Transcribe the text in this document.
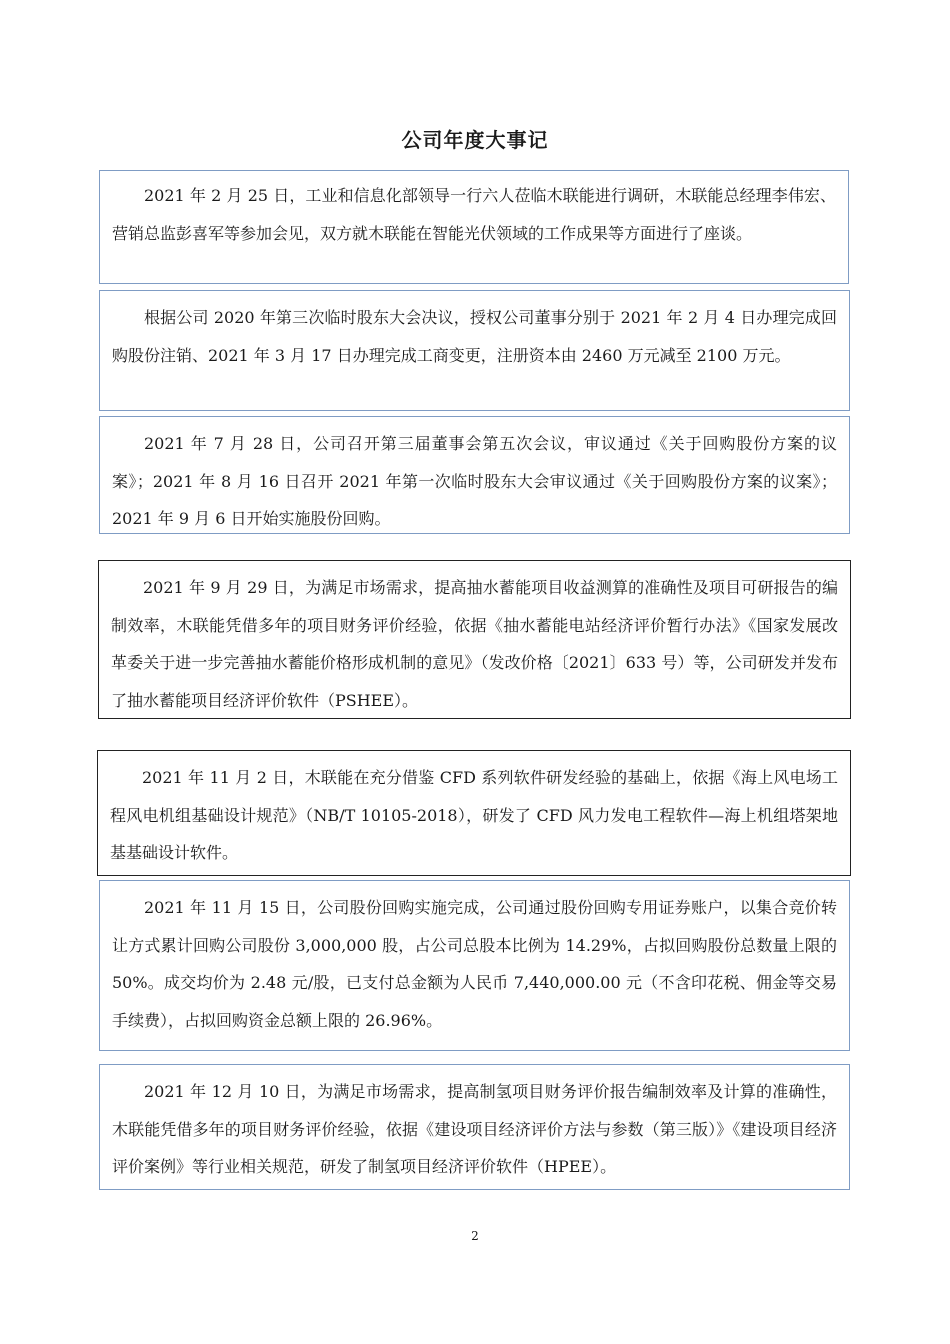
公司年度大事记

2021 年 2 月 25 日，工业和信息化部领导一行六人莅临木联能进行调研，木联能总经理李伟宏、营销总监彭喜军等参加会见，双方就木联能在智能光伏领域的工作成果等方面进行了座谈。

根据公司 2020 年第三次临时股东大会决议，授权公司董事分别于 2021 年 2 月 4 日办理完成回购股份注销、2021 年 3 月 17 日办理完成工商变更，注册资本由 2460 万元减至 2100 万元。

2021 年 7 月 28 日，公司召开第三届董事会第五次会议，审议通过《关于回购股份方案的议案》；2021 年 8 月 16 日召开 2021 年第一次临时股东大会审议通过《关于回购股份方案的议案》；2021 年 9 月 6 日开始实施股份回购。

2021 年 9 月 29 日，为满足市场需求，提高抽水蓄能项目收益测算的准确性及项目可研报告的编制效率，木联能凭借多年的项目财务评价经验，依据《抽水蓄能电站经济评价暂行办法》《国家发展改革委关于进一步完善抽水蓄能价格形成机制的意见》（发改价格〔2021〕633 号）等，公司研发并发布了抽水蓄能项目经济评价软件（PSHEE）。

2021 年 11 月 2 日，木联能在充分借鉴 CFD 系列软件研发经验的基础上，依据《海上风电场工程风电机组基础设计规范》（NB/T 10105-2018），研发了 CFD 风力发电工程软件—海上机组塔架地基基础设计软件。

2021 年 11 月 15 日，公司股份回购实施完成，公司通过股份回购专用证券账户，以集合竞价转让方式累计回购公司股份 3,000,000 股，占公司总股本比例为 14.29%，占拟回购股份总数量上限的 50%。成交均价为 2.48 元/股，已支付总金额为人民币 7,440,000.00 元（不含印花税、佣金等交易手续费），占拟回购资金总额上限的 26.96%。

2021 年 12 月 10 日，为满足市场需求，提高制氢项目财务评价报告编制效率及计算的准确性，木联能凭借多年的项目财务评价经验，依据《建设项目经济评价方法与参数（第三版）》《建设项目经济评价案例》等行业相关规范，研发了制氢项目经济评价软件（HPEE）。

2
